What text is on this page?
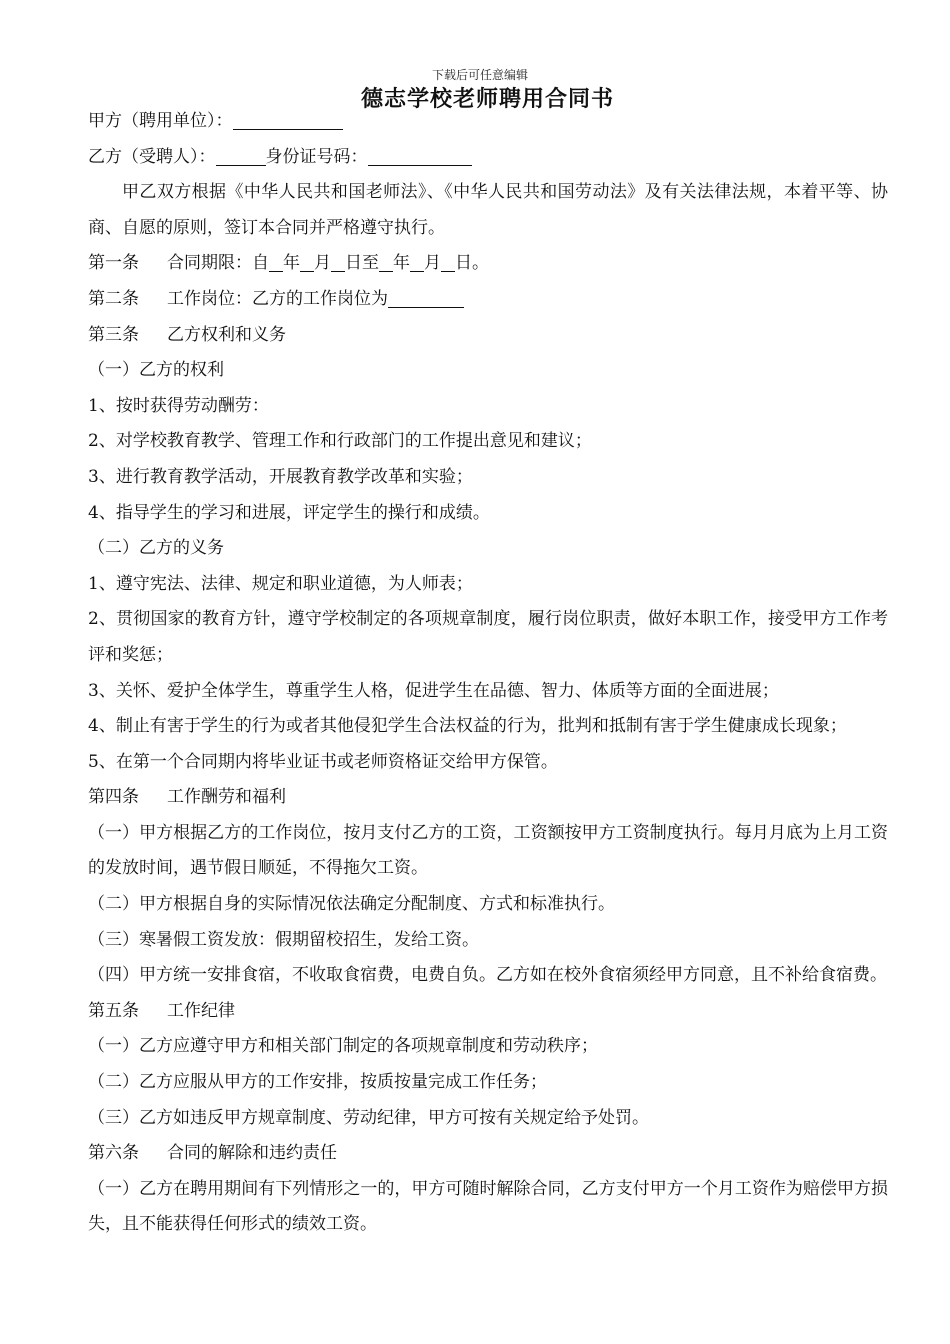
下载后可任意编辑
德志学校老师聘用合同书
甲方（聘用单位）：
乙方（受聘人）：	身份证号码：
甲乙双方根据《中华人民共和国老师法》、《中华人民共和国劳动法》及有关法律法规，本着平等、协商、自愿的原则，签订本合同并严格遵守执行。
第一条 合同期限：自 年 月 日至 年 月 日。
第二条 工作岗位：乙方的工作岗位为
第三条 乙方权利和义务
（一）乙方的权利
1、按时获得劳动酬劳：
2、对学校教育教学、管理工作和行政部门的工作提出意见和建议；
3、进行教育教学活动，开展教育教学改革和实验；
4、指导学生的学习和进展，评定学生的操行和成绩。
（二）乙方的义务
1、遵守宪法、法律、规定和职业道德，为人师表；
2、贯彻国家的教育方针，遵守学校制定的各项规章制度，履行岗位职责，做好本职工作，接受甲方工作考评和奖惩；
3、关怀、爱护全体学生，尊重学生人格，促进学生在品德、智力、体质等方面的全面进展；
4、制止有害于学生的行为或者其他侵犯学生合法权益的行为，批判和抵制有害于学生健康成长现象；
5、在第一个合同期内将毕业证书或老师资格证交给甲方保管。
第四条 工作酬劳和福利
（一）甲方根据乙方的工作岗位，按月支付乙方的工资，工资额按甲方工资制度执行。每月月底为上月工资的发放时间，遇节假日顺延，不得拖欠工资。
（二）甲方根据自身的实际情况依法确定分配制度、方式和标准执行。
（三）寒暑假工资发放：假期留校招生，发给工资。
（四）甲方统一安排食宿，不收取食宿费，电费自负。乙方如在校外食宿须经甲方同意，且不补给食宿费。
第五条 工作纪律
（一）乙方应遵守甲方和相关部门制定的各项规章制度和劳动秩序；
（二）乙方应服从甲方的工作安排，按质按量完成工作任务；
（三）乙方如违反甲方规章制度、劳动纪律，甲方可按有关规定给予处罚。
第六条 合同的解除和违约责任
（一）乙方在聘用期间有下列情形之一的，甲方可随时解除合同，乙方支付甲方一个月工资作为赔偿甲方损失，且不能获得任何形式的绩效工资。
